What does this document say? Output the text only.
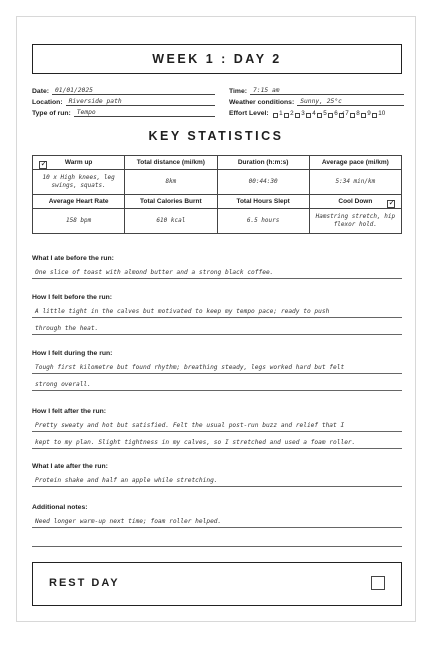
WEEK 1 : DAY 2
Date: 01/01/2025
Location: Riverside path
Type of run: Tempo
Time: 7:15 am
Weather conditions: Sunny, 25°c
Effort Level: 1 2 3 4 5 6 ✓ 7 8 9 10
KEY STATISTICS
✓
Warm up	Total distance (mi/km)	Duration (h:m:s)	Average pace (mi/km)
10 x High knees, leg swings, squats.	8km	00:44:30	5:34 min/km
Average Heart Rate	Total Calories Burnt	Total Hours Slept	Cool Down
✓

158 bpm	610 kcal	6.5 hours	Hamstring stretch, hip flexor hold.
What I ate before the run:
One slice of toast with almond butter and a strong black coffee.
How I felt before the run:
A little tight in the calves but motivated to keep my tempo pace; ready to push
through the heat.
How I felt during the run:
Tough first kilometre but found rhythm; breathing steady, legs worked hard but felt
strong overall.
How I felt after the run:
Pretty sweaty and hot but satisfied. Felt the usual post-run buzz and relief that I
kept to my plan. Slight tightness in my calves, so I stretched and used a foam roller.
What I ate after the run:
Protein shake and half an apple while stretching.
Additional notes:
Need longer warm-up next time; foam roller helped.
REST DAY
